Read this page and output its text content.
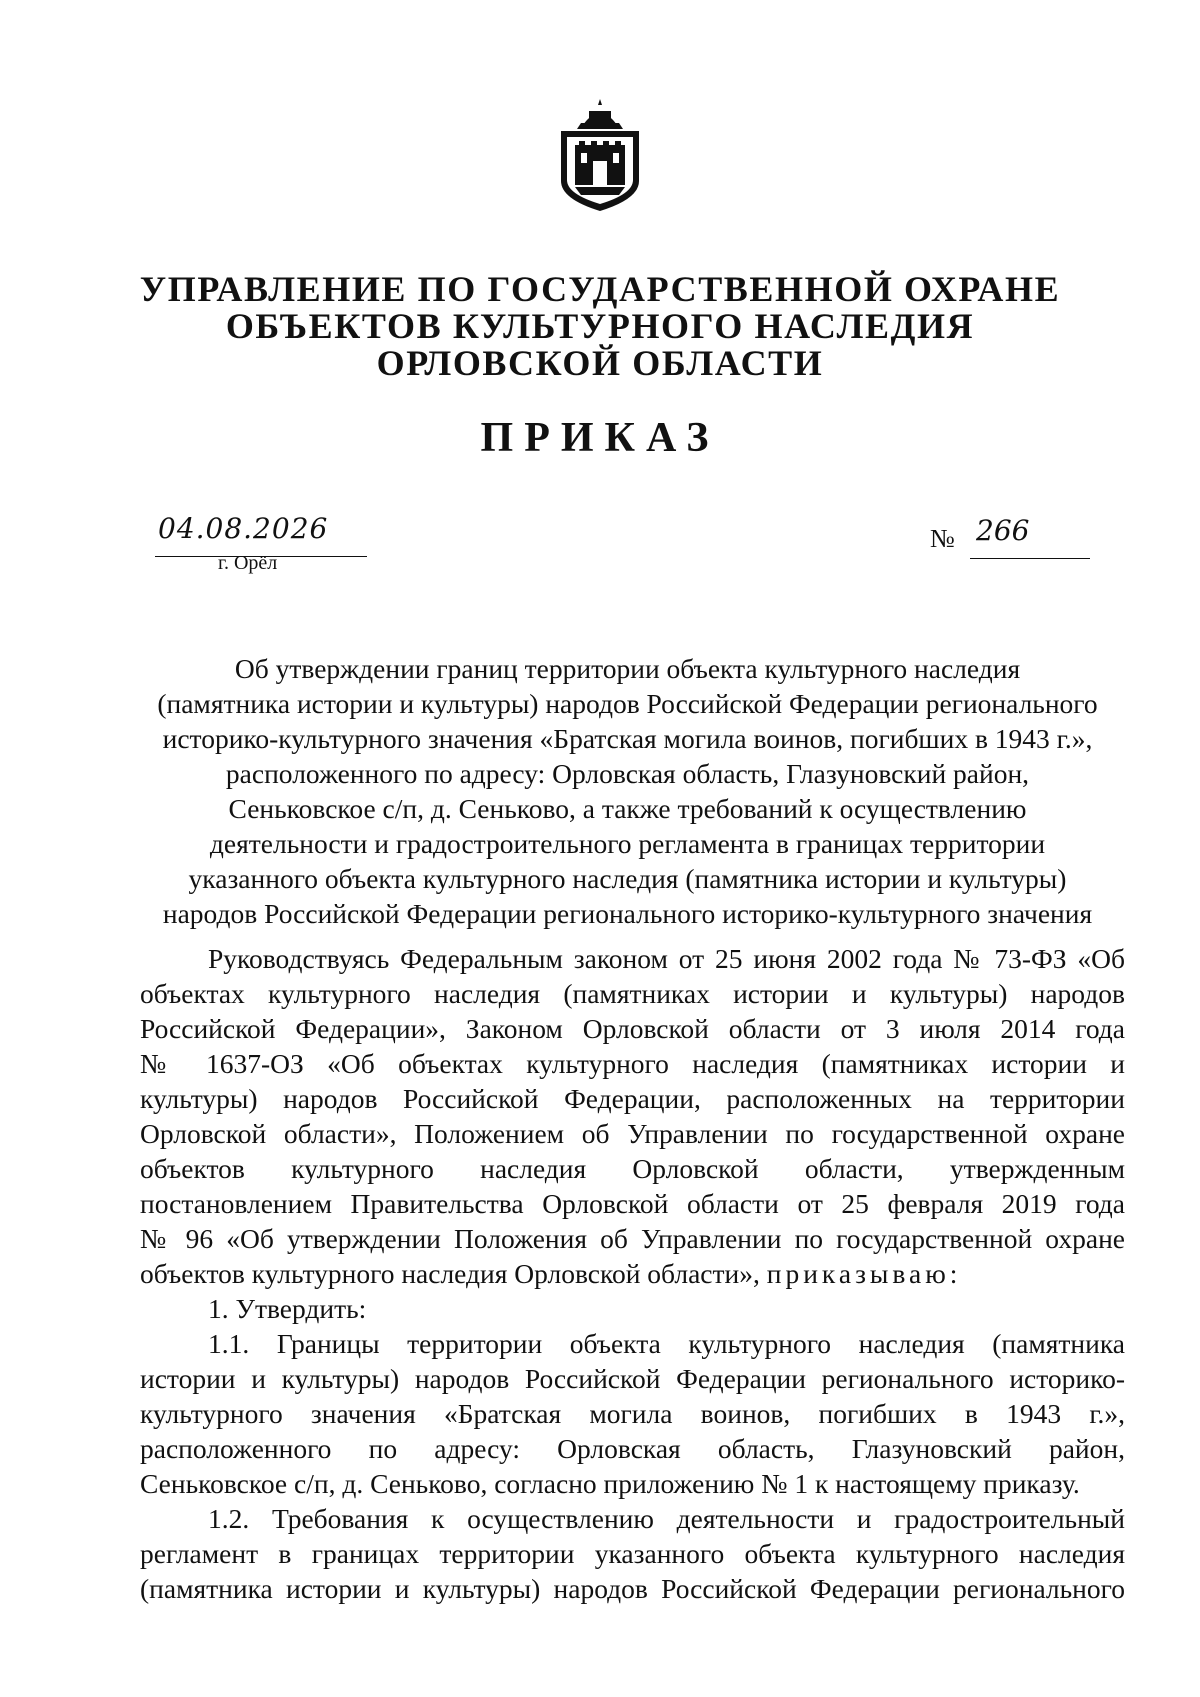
УПРАВЛЕНИЕ ПО ГОСУДАРСТВЕННОЙ ОХРАНЕ
ОБЪЕКТОВ КУЛЬТУРНОГО НАСЛЕДИЯ
ОРЛОВСКОЙ ОБЛАСТИ
ПРИКАЗ
04.08.2026
г. Орёл
№ 266
Об утверждении границ территории объекта культурного наследия
(памятника истории и культуры) народов Российской Федерации регионального
историко-культурного значения «Братская могила воинов, погибших в 1943 г.»,
расположенного по адресу: Орловская область, Глазуновский район,
Сеньковское с/п, д. Сеньково, а также требований к осуществлению
деятельности и градостроительного регламента в границах территории
указанного объекта культурного наследия (памятника истории и культуры)
народов Российской Федерации регионального историко-культурного значения
Руководствуясь Федеральным законом от 25 июня 2002 года № 73-ФЗ «Об
объектах культурного наследия (памятниках истории и культуры) народов
Российской Федерации», Законом Орловской области от 3 июля 2014 года
№ 1637-ОЗ «Об объектах культурного наследия (памятниках истории и
культуры) народов Российской Федерации, расположенных на территории
Орловской области», Положением об Управлении по государственной охране
объектов культурного наследия Орловской области, утвержденным
постановлением Правительства Орловской области от 25 февраля 2019 года
№ 96 «Об утверждении Положения об Управлении по государственной охране
объектов культурного наследия Орловской области», приказываю:
1. Утвердить:
1.1. Границы территории объекта культурного наследия (памятника
истории и культуры) народов Российской Федерации регионального историко-
культурного значения «Братская могила воинов, погибших в 1943 г.»,
расположенного по адресу: Орловская область, Глазуновский район,
Сеньковское с/п, д. Сеньково, согласно приложению № 1 к настоящему приказу.
1.2. Требования к осуществлению деятельности и градостроительный
регламент в границах территории указанного объекта культурного наследия
(памятника истории и культуры) народов Российской Федерации регионального
